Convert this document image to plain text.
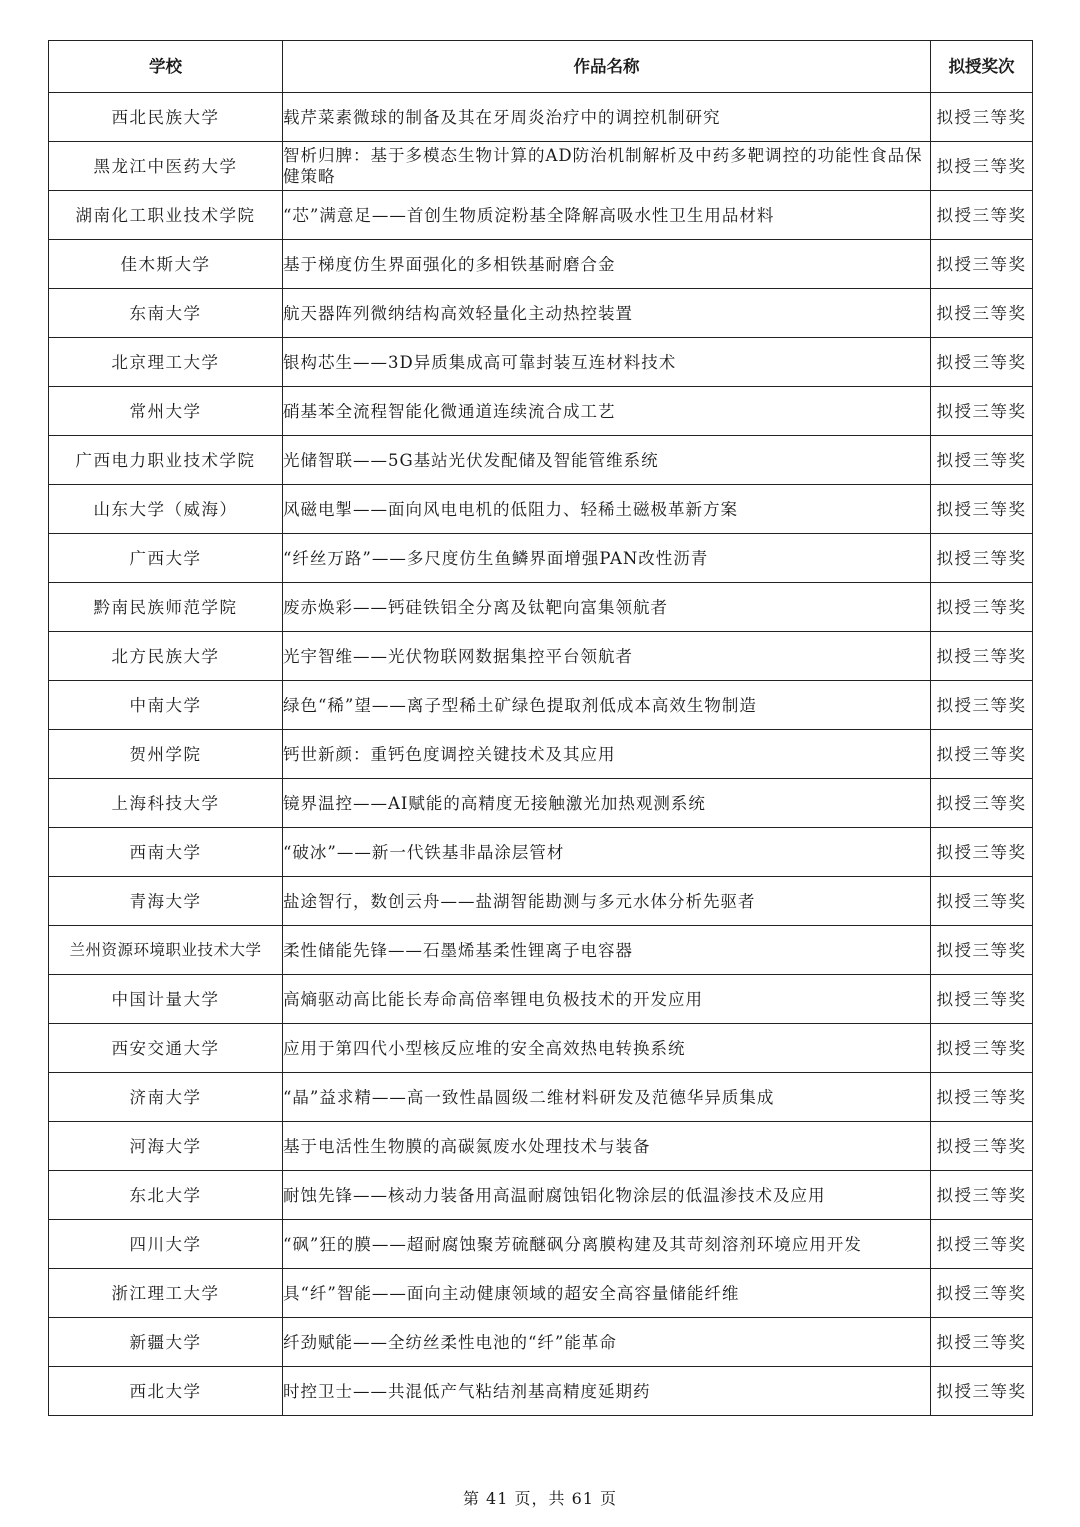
学校	作品名称	拟授奖次
西北民族大学	载芹菜素微球的制备及其在牙周炎治疗中的调控机制研究	拟授三等奖
黑龙江中医药大学	智析归脾：基于多模态生物计算的AD防治机制解析及中药多靶调控的功能性食品保健策略	拟授三等奖
湖南化工职业技术学院	“芯”满意足——首创生物质淀粉基全降解高吸水性卫生用品材料	拟授三等奖
佳木斯大学	基于梯度仿生界面强化的多相铁基耐磨合金	拟授三等奖
东南大学	航天器阵列微纳结构高效轻量化主动热控装置	拟授三等奖
北京理工大学	银构芯生——3D异质集成高可靠封装互连材料技术	拟授三等奖
常州大学	硝基苯全流程智能化微通道连续流合成工艺	拟授三等奖
广西电力职业技术学院	光储智联——5G基站光伏发配储及智能管维系统	拟授三等奖
山东大学（威海）	风磁电掣——面向风电电机的低阻力、轻稀土磁极革新方案	拟授三等奖
广西大学	“纤丝万路”——多尺度仿生鱼鳞界面增强PAN改性沥青	拟授三等奖
黔南民族师范学院	废赤焕彩——钙硅铁铝全分离及钛靶向富集领航者	拟授三等奖
北方民族大学	光宇智维——光伏物联网数据集控平台领航者	拟授三等奖
中南大学	绿色“稀”望——离子型稀土矿绿色提取剂低成本高效生物制造	拟授三等奖
贺州学院	钙世新颜：重钙色度调控关键技术及其应用	拟授三等奖
上海科技大学	镜界温控——AI赋能的高精度无接触激光加热观测系统	拟授三等奖
西南大学	“破冰”——新一代铁基非晶涂层管材	拟授三等奖
青海大学	盐途智行，数创云舟——盐湖智能勘测与多元水体分析先驱者	拟授三等奖
兰州资源环境职业技术大学	柔性储能先锋——石墨烯基柔性锂离子电容器	拟授三等奖
中国计量大学	高熵驱动高比能长寿命高倍率锂电负极技术的开发应用	拟授三等奖
西安交通大学	应用于第四代小型核反应堆的安全高效热电转换系统	拟授三等奖
济南大学	“晶”益求精——高一致性晶圆级二维材料研发及范德华异质集成	拟授三等奖
河海大学	基于电活性生物膜的高碳氮废水处理技术与装备	拟授三等奖
东北大学	耐蚀先锋——核动力装备用高温耐腐蚀铝化物涂层的低温渗技术及应用	拟授三等奖
四川大学	“砜”狂的膜——超耐腐蚀聚芳硫醚砜分离膜构建及其苛刻溶剂环境应用开发	拟授三等奖
浙江理工大学	具“纤”智能——面向主动健康领域的超安全高容量储能纤维	拟授三等奖
新疆大学	纤劲赋能——全纺丝柔性电池的“纤”能革命	拟授三等奖
西北大学	时控卫士——共混低产气粘结剂基高精度延期药	拟授三等奖
第 41 页，共 61 页
